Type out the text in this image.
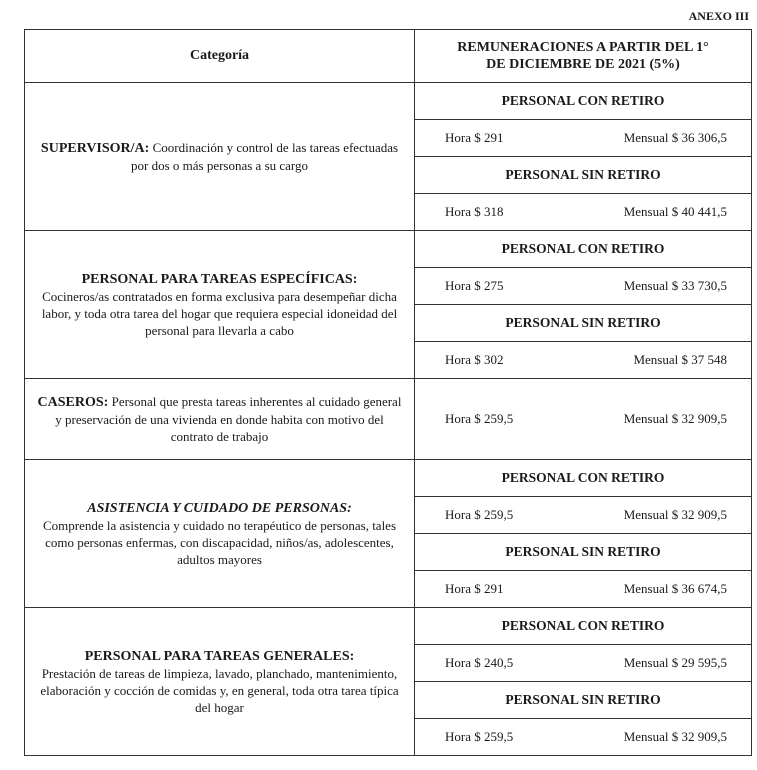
ANEXO III
Categoría	REMUNERACIONES A PARTIR DEL 1°
DE DICIEMBRE DE 2021 (5%)

SUPERVISOR/A: Coordinación y control de las tareas efectuadas por dos o más personas a su cargo	PERSONAL CON RETIRO

	Hora $ 291 Mensual $ 36 306,5

	PERSONAL SIN RETIRO

	Hora $ 318 Mensual $ 40 441,5

PERSONAL PARA TAREAS ESPECÍFICAS:
Cocineros/as contratados en forma exclusiva para desempeñar dicha labor, y toda otra tarea del hogar que requiera especial idoneidad del personal para llevarla a cabo	PERSONAL CON RETIRO

	Hora $ 275 Mensual $ 33 730,5

	PERSONAL SIN RETIRO

	Hora $ 302 Mensual $ 37 548

CASEROS: Personal que presta tareas inherentes al cuidado general y preservación de una vivienda en donde habita con motivo del contrato de trabajo	Hora $ 259,5 Mensual $ 32 909,5

ASISTENCIA Y CUIDADO DE PERSONAS:
Comprende la asistencia y cuidado no terapéutico de personas, tales como personas enfermas, con discapacidad, niños/as, adolescentes, adultos mayores	PERSONAL CON RETIRO

	Hora $ 259,5 Mensual $ 32 909,5

	PERSONAL SIN RETIRO

	Hora $ 291 Mensual $ 36 674,5

PERSONAL PARA TAREAS GENERALES:
Prestación de tareas de limpieza, lavado, planchado, mantenimiento, elaboración y cocción de comidas y, en general, toda otra tarea típica del hogar	PERSONAL CON RETIRO

	Hora $ 240,5 Mensual $ 29 595,5

	PERSONAL SIN RETIRO

	Hora $ 259,5 Mensual $ 32 909,5
